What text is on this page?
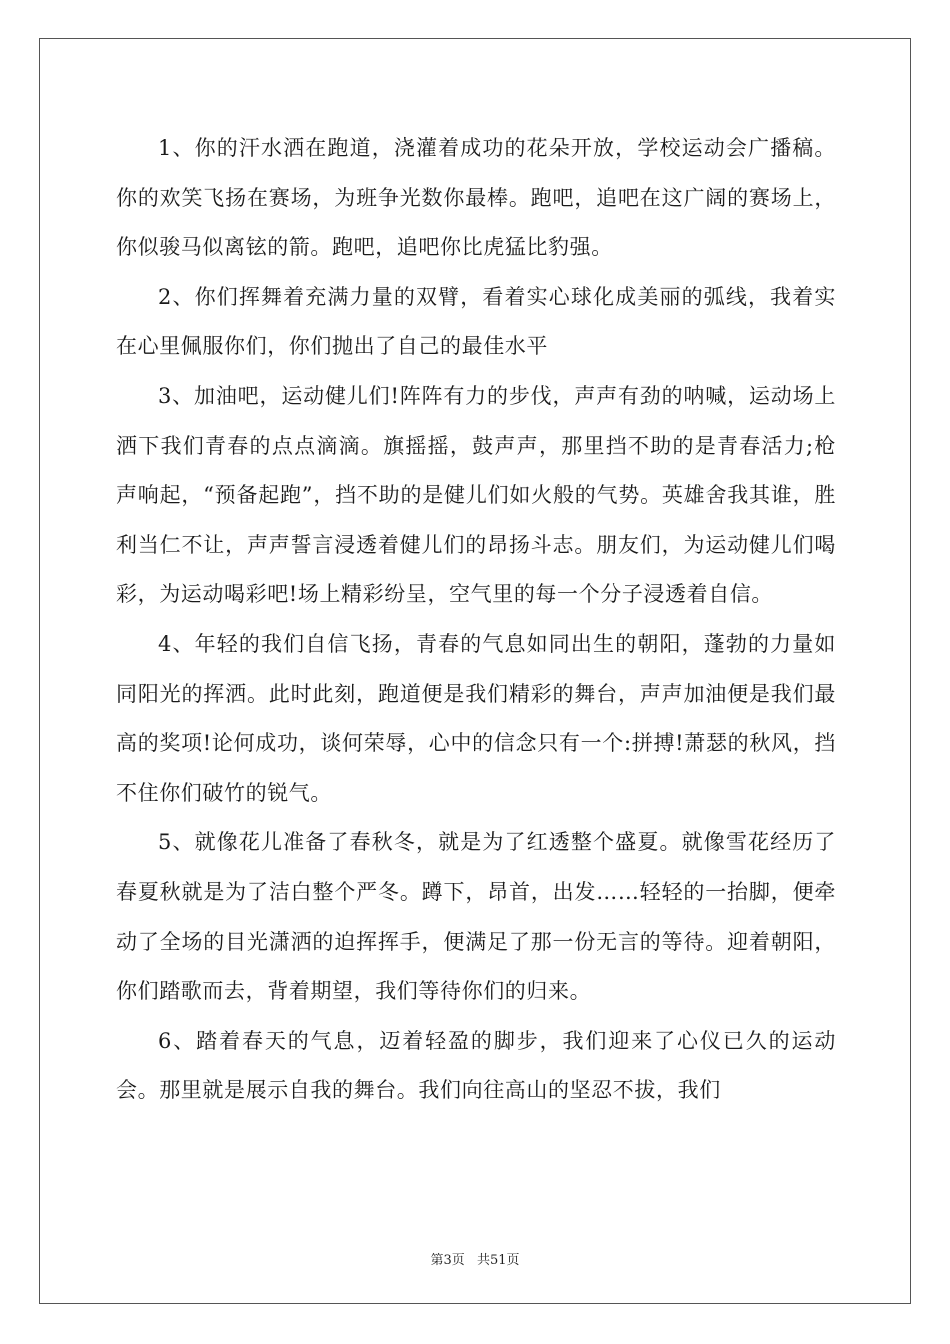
1、你的汗水洒在跑道，浇灌着成功的花朵开放，学校运动会广播稿。你的欢笑飞扬在赛场，为班争光数你最棒。跑吧，追吧在这广阔的赛场上，你似骏马似离铉的箭。跑吧，追吧你比虎猛比豹强。

2、你们挥舞着充满力量的双臂，看着实心球化成美丽的弧线，我着实在心里佩服你们，你们抛出了自己的最佳水平

3、加油吧，运动健儿们!阵阵有力的步伐，声声有劲的呐喊，运动场上洒下我们青春的点点滴滴。旗摇摇，鼓声声，那里挡不助的是青春活力;枪声响起，“预备起跑”，挡不助的是健儿们如火般的气势。英雄舍我其谁，胜利当仁不让，声声誓言浸透着健儿们的昂扬斗志。朋友们，为运动健儿们喝彩，为运动喝彩吧!场上精彩纷呈，空气里的每一个分子浸透着自信。

4、年轻的我们自信飞扬，青春的气息如同出生的朝阳，蓬勃的力量如同阳光的挥洒。此时此刻，跑道便是我们精彩的舞台，声声加油便是我们最高的奖项!论何成功，谈何荣辱，心中的信念只有一个:拼搏!萧瑟的秋风，挡不住你们破竹的锐气。

5、就像花儿准备了春秋冬，就是为了红透整个盛夏。就像雪花经历了春夏秋就是为了洁白整个严冬。蹲下，昂首，出发……轻轻的一抬脚，便牵动了全场的目光潇洒的迫挥挥手，便满足了那一份无言的等待。迎着朝阳，你们踏歌而去，背着期望，我们等待你们的归来。

6、踏着春天的气息，迈着轻盈的脚步，我们迎来了心仪已久的运动会。那里就是展示自我的舞台。我们向往高山的坚忍不拔，我们

第3页 共51页
